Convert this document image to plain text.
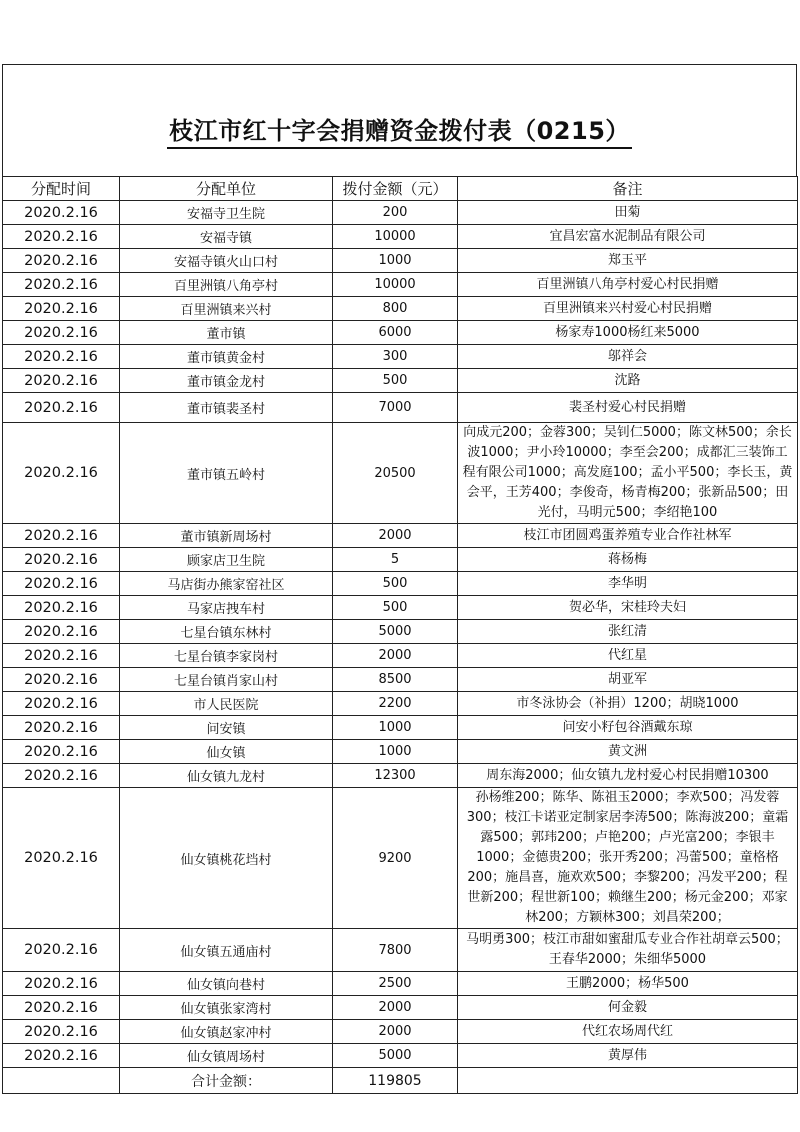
枝江市红十字会捐赠资金拨付表（0215）
分配时间	分配单位	拨付金额（元）	备注
2020.2.16	安福寺卫生院	200	田菊
2020.2.16	安福寺镇	10000	宜昌宏富水泥制品有限公司
2020.2.16	安福寺镇火山口村	1000	郑玉平
2020.2.16	百里洲镇八角亭村	10000	百里洲镇八角亭村爱心村民捐赠
2020.2.16	百里洲镇来兴村	800	百里洲镇来兴村爱心村民捐赠
2020.2.16	董市镇	6000	杨家寿1000杨红来5000
2020.2.16	董市镇黄金村	300	邬祥会
2020.2.16	董市镇金龙村	500	沈路
2020.2.16	董市镇裴圣村	7000	裴圣村爱心村民捐赠
2020.2.16	董市镇五岭村	20500	向成元200；金蓉300；吴钊仁5000；陈文林500；余长波1000；尹小玲10000；李至会200；成都汇三装饰工程有限公司1000；高发庭100；孟小平500；李长玉，黄会平，王芳400；李俊奇，杨青梅200；张新品500；田光付，马明元500；李绍艳100
2020.2.16	董市镇新周场村	2000	枝江市团圆鸡蛋养殖专业合作社林军
2020.2.16	顾家店卫生院	5	蒋杨梅
2020.2.16	马店街办熊家窑社区	500	李华明
2020.2.16	马家店拽车村	500	贺必华，宋桂玲夫妇
2020.2.16	七星台镇东林村	5000	张红清
2020.2.16	七星台镇李家岗村	2000	代红星
2020.2.16	七星台镇肖家山村	8500	胡亚军
2020.2.16	市人民医院	2200	市冬泳协会（补捐）1200；胡晓1000
2020.2.16	问安镇	1000	问安小籽包谷酒戴东琼
2020.2.16	仙女镇	1000	黄文洲
2020.2.16	仙女镇九龙村	12300	周东海2000；仙女镇九龙村爱心村民捐赠10300
2020.2.16	仙女镇桃花垱村	9200	孙杨维200；陈华、陈祖玉2000；李欢500；冯发蓉300；枝江卡诺亚定制家居李涛500；陈海波200；童霜露500；郭玮200；卢艳200；卢光富200；李银丰1000；金德贵200；张开秀200；冯蕾500；童格格200；施昌喜，施欢欢500；李黎200；冯发平200；程世新200；程世新100；赖继生200；杨元金200；邓家林200；方颖林300；刘昌荣200；
2020.2.16	仙女镇五通庙村	7800	马明勇300；枝江市甜如蜜甜瓜专业合作社胡章云500；王春华2000；朱细华5000
2020.2.16	仙女镇向巷村	2500	王鹏2000；杨华500
2020.2.16	仙女镇张家湾村	2000	何金毅
2020.2.16	仙女镇赵家冲村	2000	代红农场周代红
2020.2.16	仙女镇周场村	5000	黄厚伟
	合计金额：	119805	
